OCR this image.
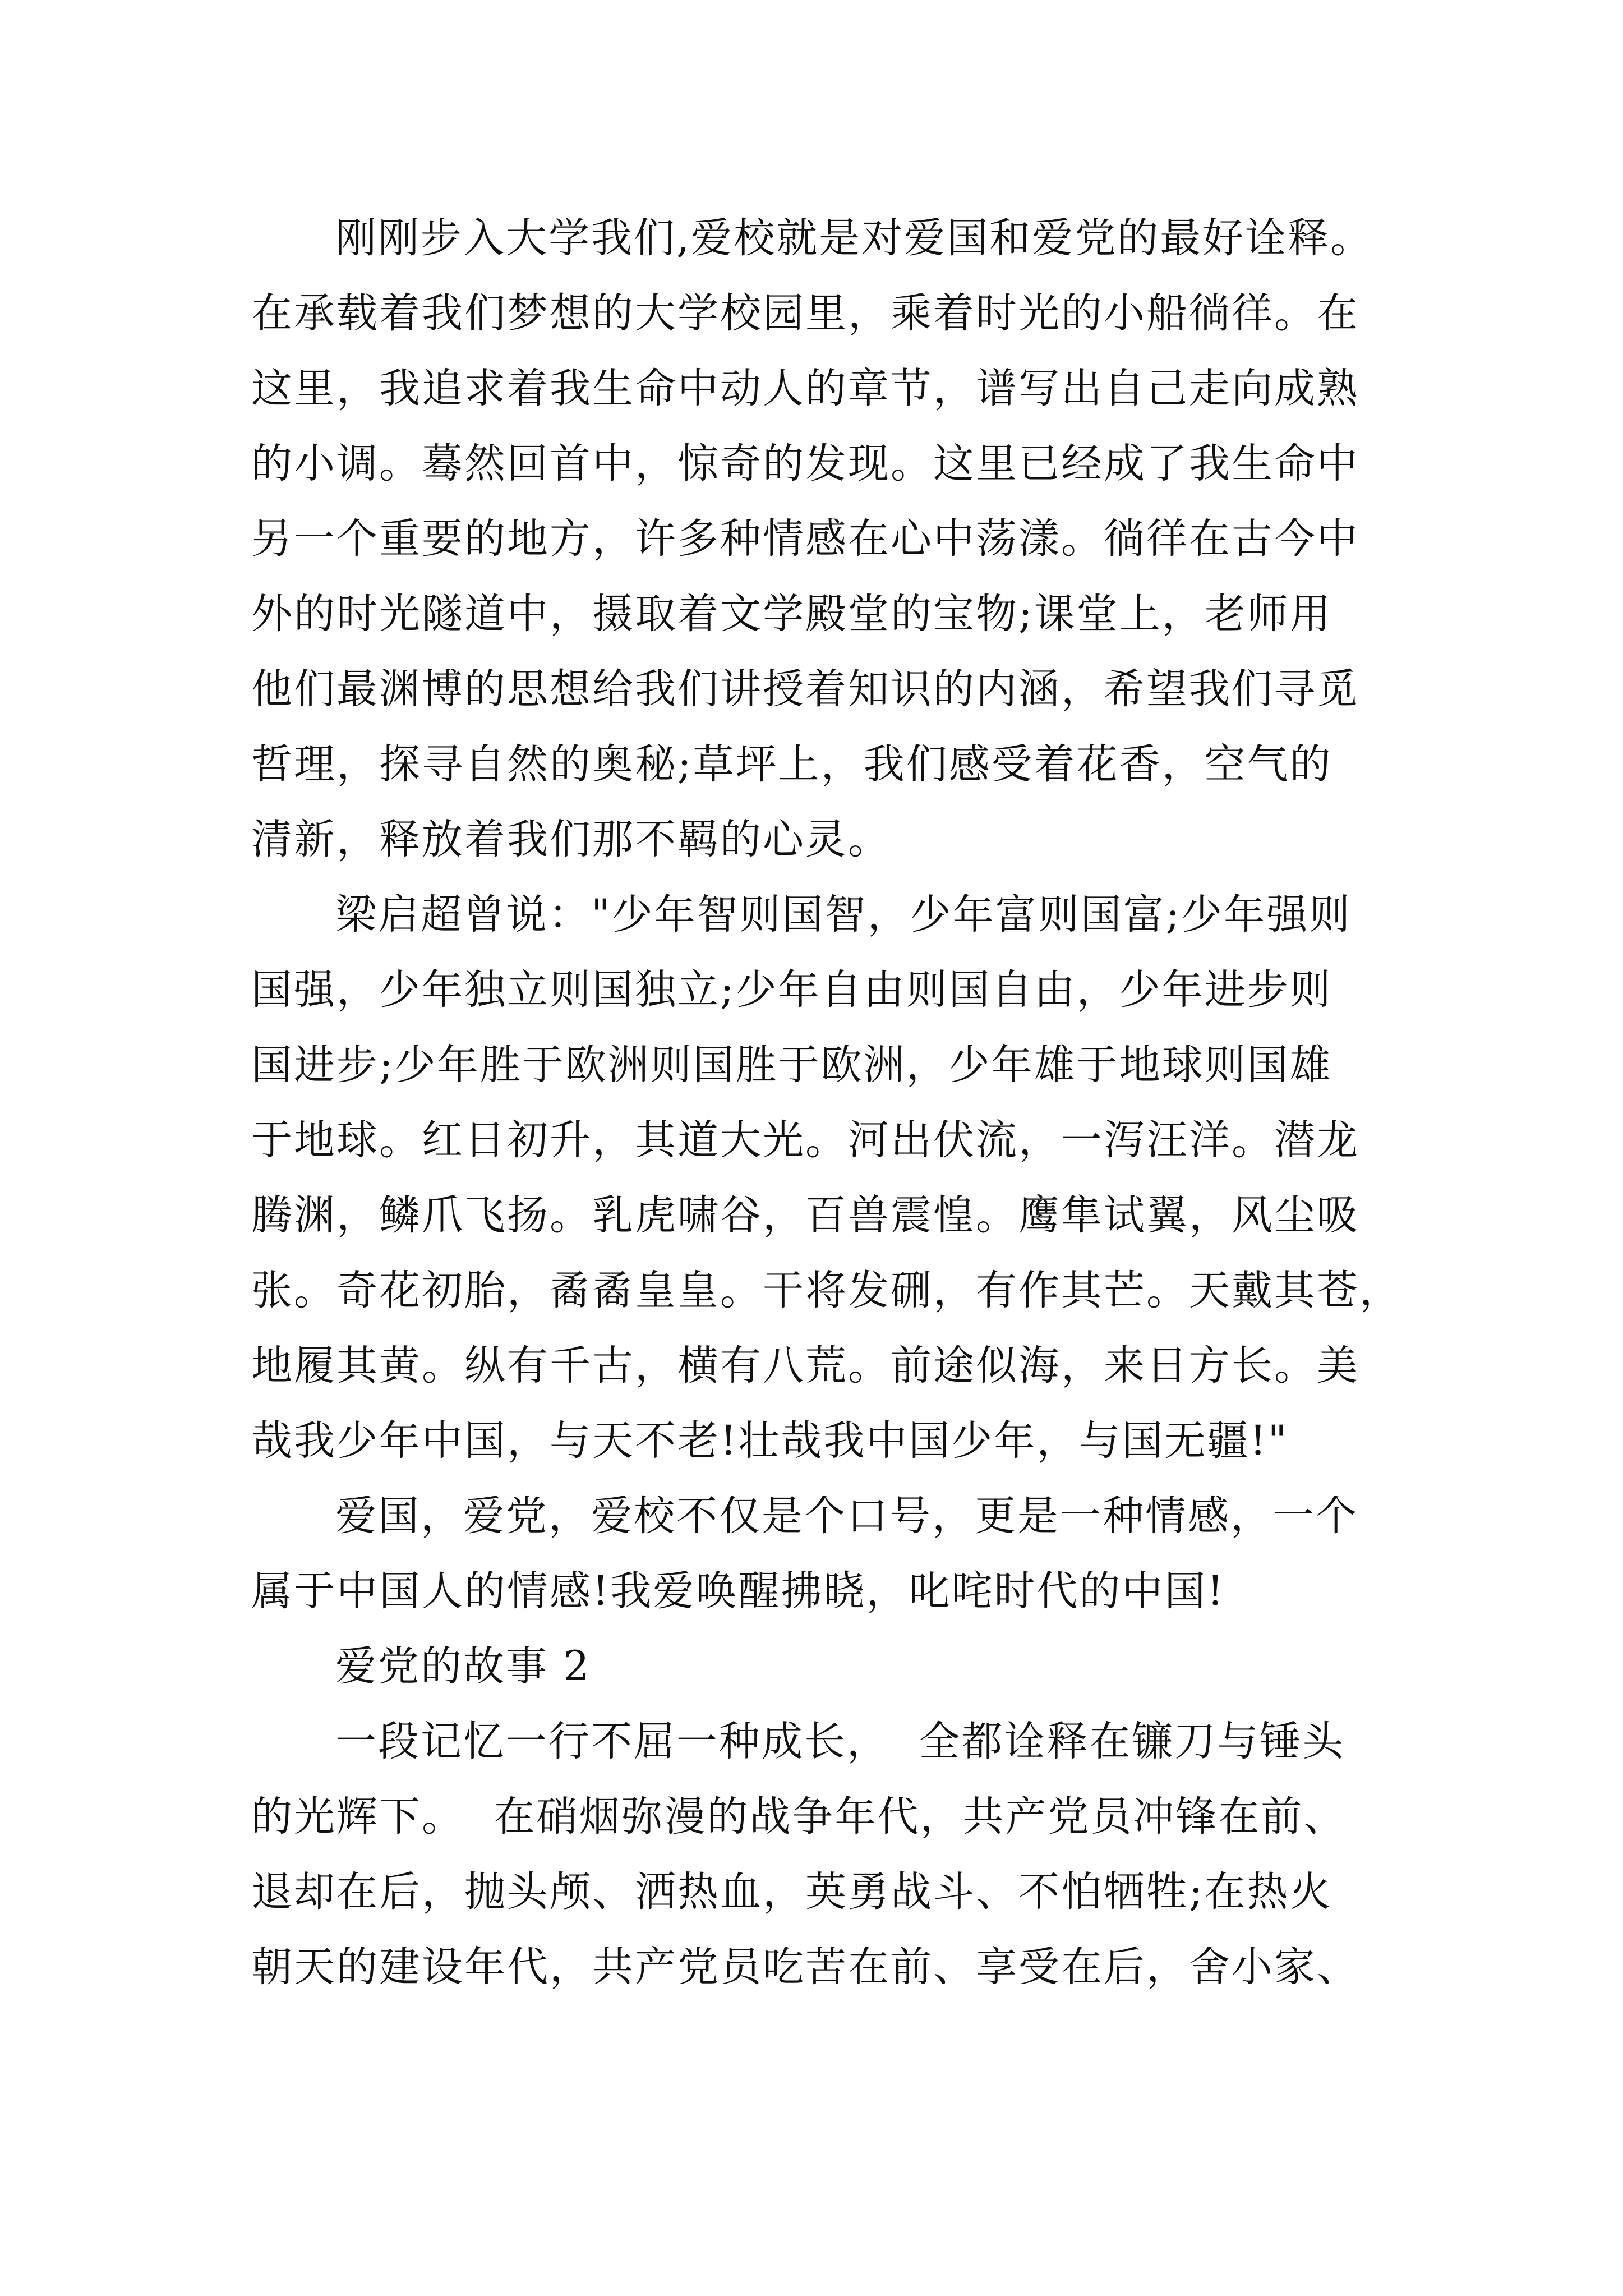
刚刚步入大学我们,爱校就是对爱国和爱党的最好诠释。
在承载着我们梦想的大学校园里，乘着时光的小船徜徉。在
这里，我追求着我生命中动人的章节，谱写出自己走向成熟
的小调。蓦然回首中，惊奇的发现。这里已经成了我生命中
另一个重要的地方，许多种情感在心中荡漾。徜徉在古今中
外的时光隧道中，摄取着文学殿堂的宝物;课堂上，老师用
他们最渊博的思想给我们讲授着知识的内涵，希望我们寻觅
哲理，探寻自然的奥秘;草坪上，我们感受着花香，空气的
清新，释放着我们那不羁的心灵。
梁启超曾说："少年智则国智，少年富则国富;少年强则
国强，少年独立则国独立;少年自由则国自由，少年进步则
国进步;少年胜于欧洲则国胜于欧洲，少年雄于地球则国雄
于地球。红日初升，其道大光。河出伏流，一泻汪洋。潜龙
腾渊，鳞爪飞扬。乳虎啸谷，百兽震惶。鹰隼试翼，风尘吸
张。奇花初胎，矞矞皇皇。干将发硎，有作其芒。天戴其苍，
地履其黄。纵有千古，横有八荒。前途似海，来日方长。美
哉我少年中国，与天不老!壮哉我中国少年，与国无疆!"
爱国，爱党，爱校不仅是个口号，更是一种情感，一个
属于中国人的情感!我爱唤醒拂晓，叱咤时代的中国!
爱党的故事 2
一段记忆一行不屈一种成长，  全都诠释在镰刀与锤头
的光辉下。  在硝烟弥漫的战争年代，共产党员冲锋在前、
退却在后，抛头颅、洒热血，英勇战斗、不怕牺牲;在热火
朝天的建设年代，共产党员吃苦在前、享受在后，舍小家、
